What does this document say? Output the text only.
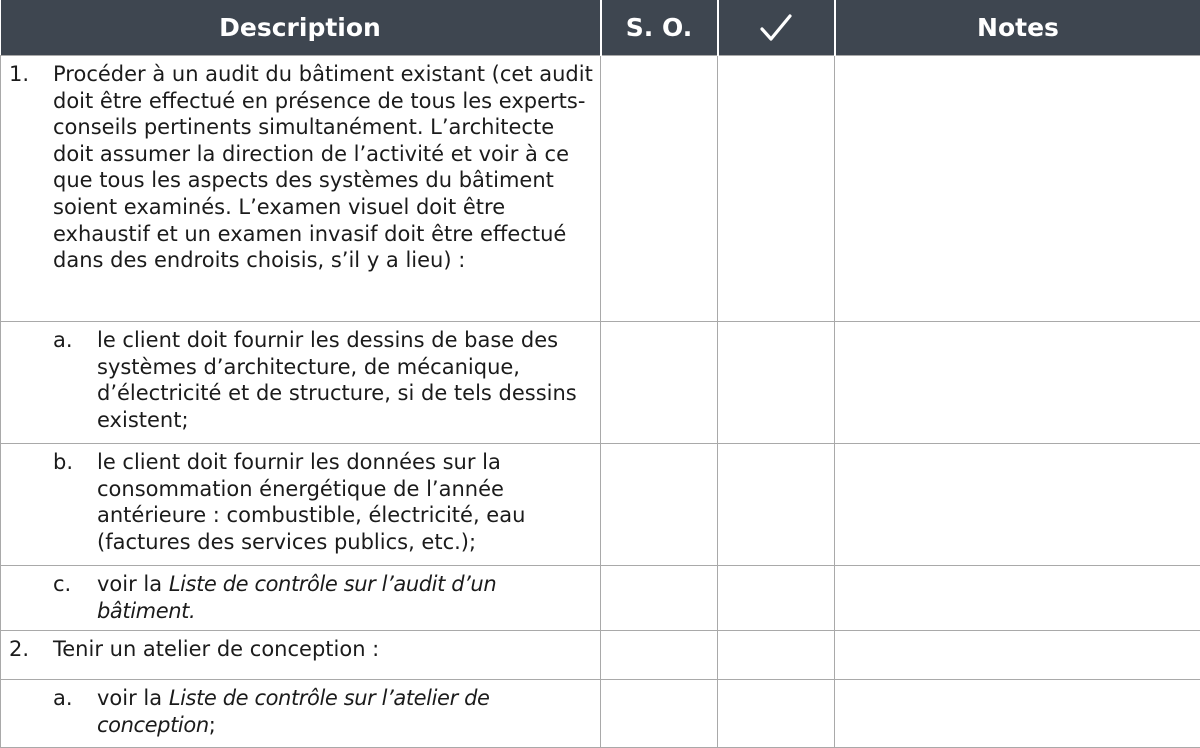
Description	S. O.		Notes

1. Procéder à un audit du bâtiment existant (cet audit doit être effectué en présence de tous les experts-conseils pertinents simultanément. L’architecte doit assumer la direction de l’activité et voir à ce que tous les aspects des systèmes du bâtiment soient examinés. L’examen visuel doit être exhaustif et un examen invasif doit être effectué dans des endroits choisis, s’il y a lieu) :			

a. le client doit fournir les dessins de base des systèmes d’architecture, de mécanique, d’électricité et de structure, si de tels dessins existent;			

b. le client doit fournir les données sur la consommation énergétique de l’année antérieure : combustible, électricité, eau (factures des services publics, etc.);			

c. voir la Liste de contrôle sur l’audit d’un bâtiment.			

2. Tenir un atelier de conception :			

a. voir la Liste de contrôle sur l’atelier de conception;			
